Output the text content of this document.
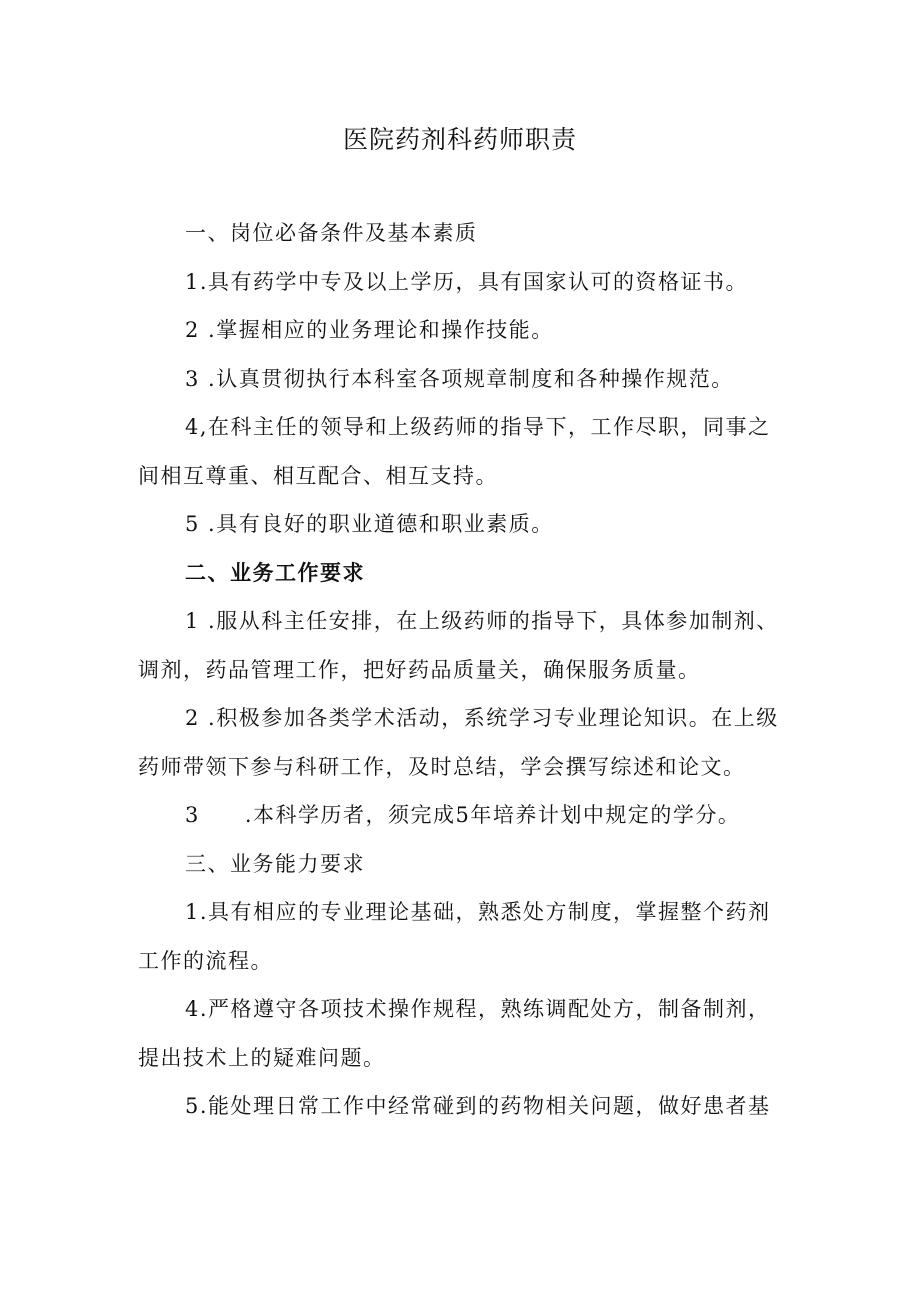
医院药剂科药师职责
一、岗位必备条件及基本素质
1.具有药学中专及以上学历，具有国家认可的资格证书。
2 .掌握相应的业务理论和操作技能。
3 .认真贯彻执行本科室各项规章制度和各种操作规范。
4,在科主任的领导和上级药师的指导下，工作尽职，同事之
间相互尊重、相互配合、相互支持。
5 .具有良好的职业道德和职业素质。
二、业务工作要求
1 .服从科主任安排，在上级药师的指导下，具体参加制剂、
调剂，药品管理工作，把好药品质量关，确保服务质量。
2 .积极参加各类学术活动，系统学习专业理论知识。在上级
药师带领下参与科研工作，及时总结，学会撰写综述和论文。
3　　.本科学历者，须完成5年培养计划中规定的学分。
三、业务能力要求
1.具有相应的专业理论基础，熟悉处方制度，掌握整个药剂
工作的流程。
4.严格遵守各项技术操作规程，熟练调配处方，制备制剂，
提出技术上的疑难问题。
5.能处理日常工作中经常碰到的药物相关问题，做好患者基
